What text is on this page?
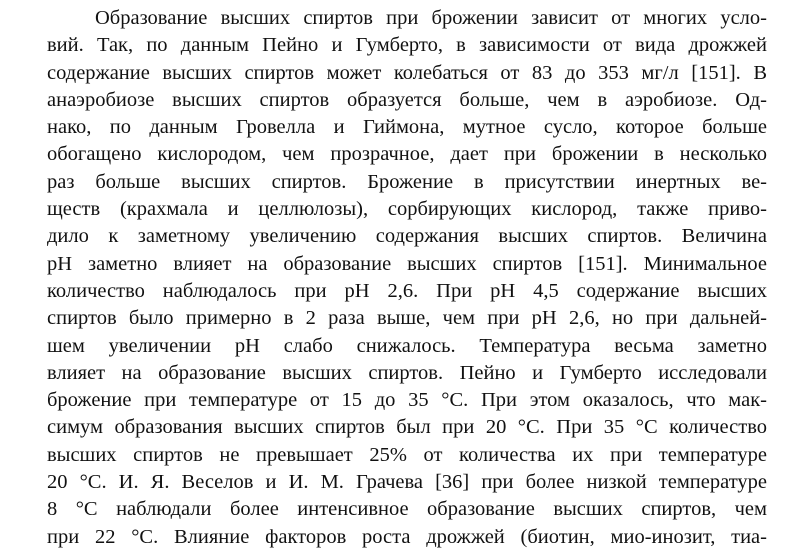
Образование высших спиртов при брожении зависит от многих усло-
вий. Так, по данным Пейно и Гумберто, в зависимости от вида дрожжей
содержание высших спиртов может колебаться от 83 до 353 мг/л [151]. В
анаэробиозе высших спиртов образуется больше, чем в аэробиозе. Од-
нако, по данным Гровелла и Гиймона, мутное сусло, которое больше
обогащено кислородом, чем прозрачное, дает при брожении в несколько
раз больше высших спиртов. Брожение в присутствии инертных ве-
ществ (крахмала и целлюлозы), сорбирующих кислород, также приво-
дило к заметному увеличению содержания высших спиртов. Величина
pH заметно влияет на образование высших спиртов [151]. Минимальное
количество наблюдалось при pH 2,6. При pH 4,5 содержание высших
спиртов было примерно в 2 раза выше, чем при pH 2,6, но при дальней-
шем увеличении pH слабо снижалось. Температура весьма заметно
влияет на образование высших спиртов. Пейно и Гумберто исследовали
брожение при температуре от 15 до 35 °С. При этом оказалось, что мак-
симум образования высших спиртов был при 20 °С. При 35 °С количество
высших спиртов не превышает 25% от количества их при температуре
20 °С. И. Я. Веселов и И. М. Грачева [36] при более низкой температуре
8 °С наблюдали более интенсивное образование высших спиртов, чем
при 22 °С. Влияние факторов роста дрожжей (биотин, мио-инозит, тиа-
